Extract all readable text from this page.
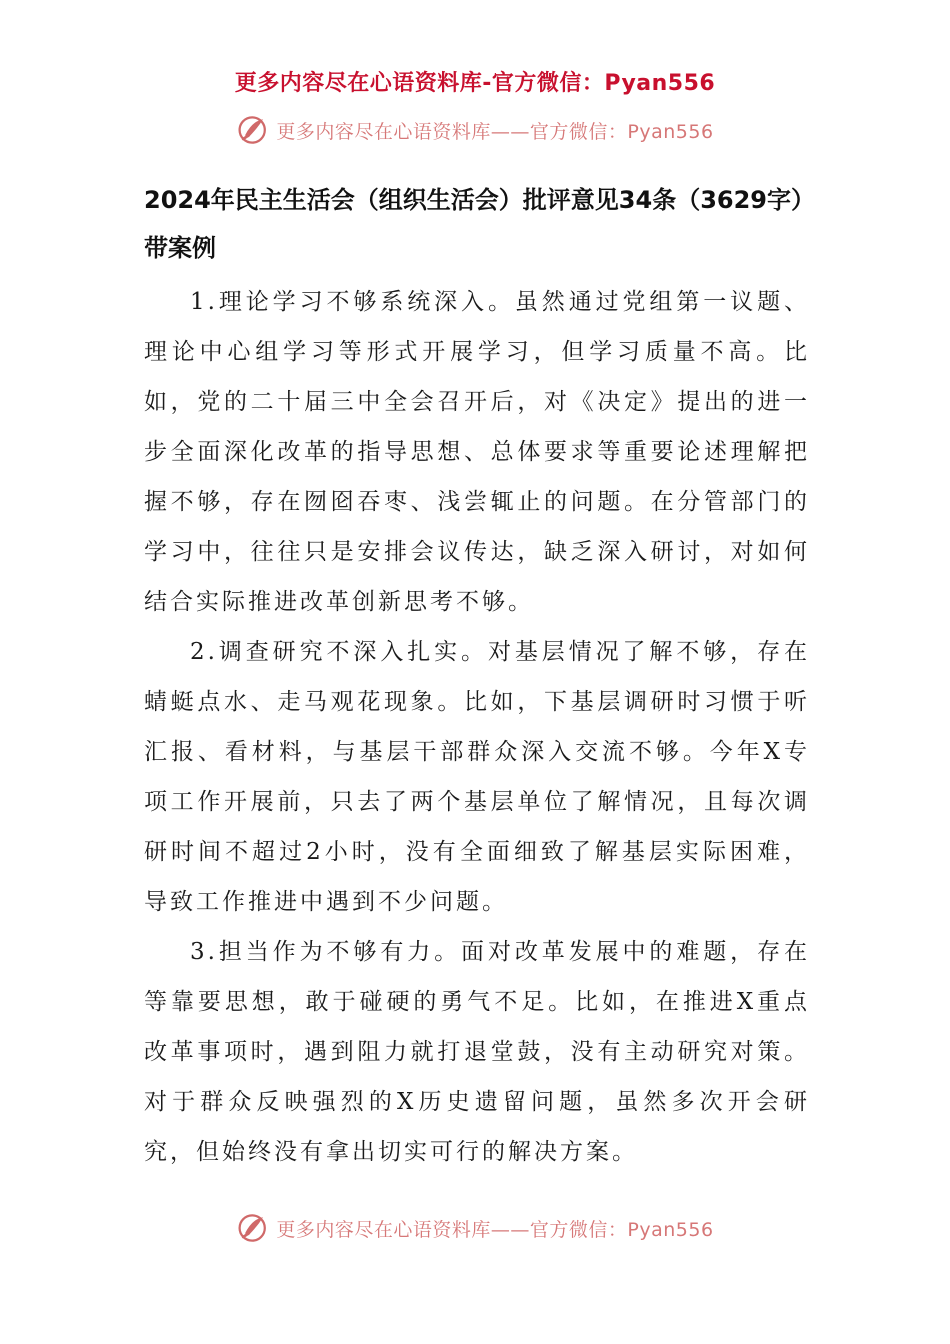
更多内容尽在心语资料库-官方微信：Pyan556
更多内容尽在心语资料库——官方微信：Pyan556
2024年民主生活会（组织生活会）批评意见34条（3629字）带案例

1.理论学习不够系统深入。虽然通过党组第一议题、理论中心组学习等形式开展学习，但学习质量不高。比如，党的二十届三中全会召开后，对《决定》提出的进一步全面深化改革的指导思想、总体要求等重要论述理解把握不够，存在囫囵吞枣、浅尝辄止的问题。在分管部门的学习中，往往只是安排会议传达，缺乏深入研讨，对如何结合实际推进改革创新思考不够。

2.调查研究不深入扎实。对基层情况了解不够，存在蜻蜓点水、走马观花现象。比如，下基层调研时习惯于听汇报、看材料，与基层干部群众深入交流不够。今年X专项工作开展前，只去了两个基层单位了解情况，且每次调研时间不超过2小时，没有全面细致了解基层实际困难，导致工作推进中遇到不少问题。

3.担当作为不够有力。面对改革发展中的难题，存在等靠要思想，敢于碰硬的勇气不足。比如，在推进X重点改革事项时，遇到阻力就打退堂鼓，没有主动研究对策。对于群众反映强烈的X历史遗留问题，虽然多次开会研究，但始终没有拿出切实可行的解决方案。

更多内容尽在心语资料库——官方微信：Pyan556
